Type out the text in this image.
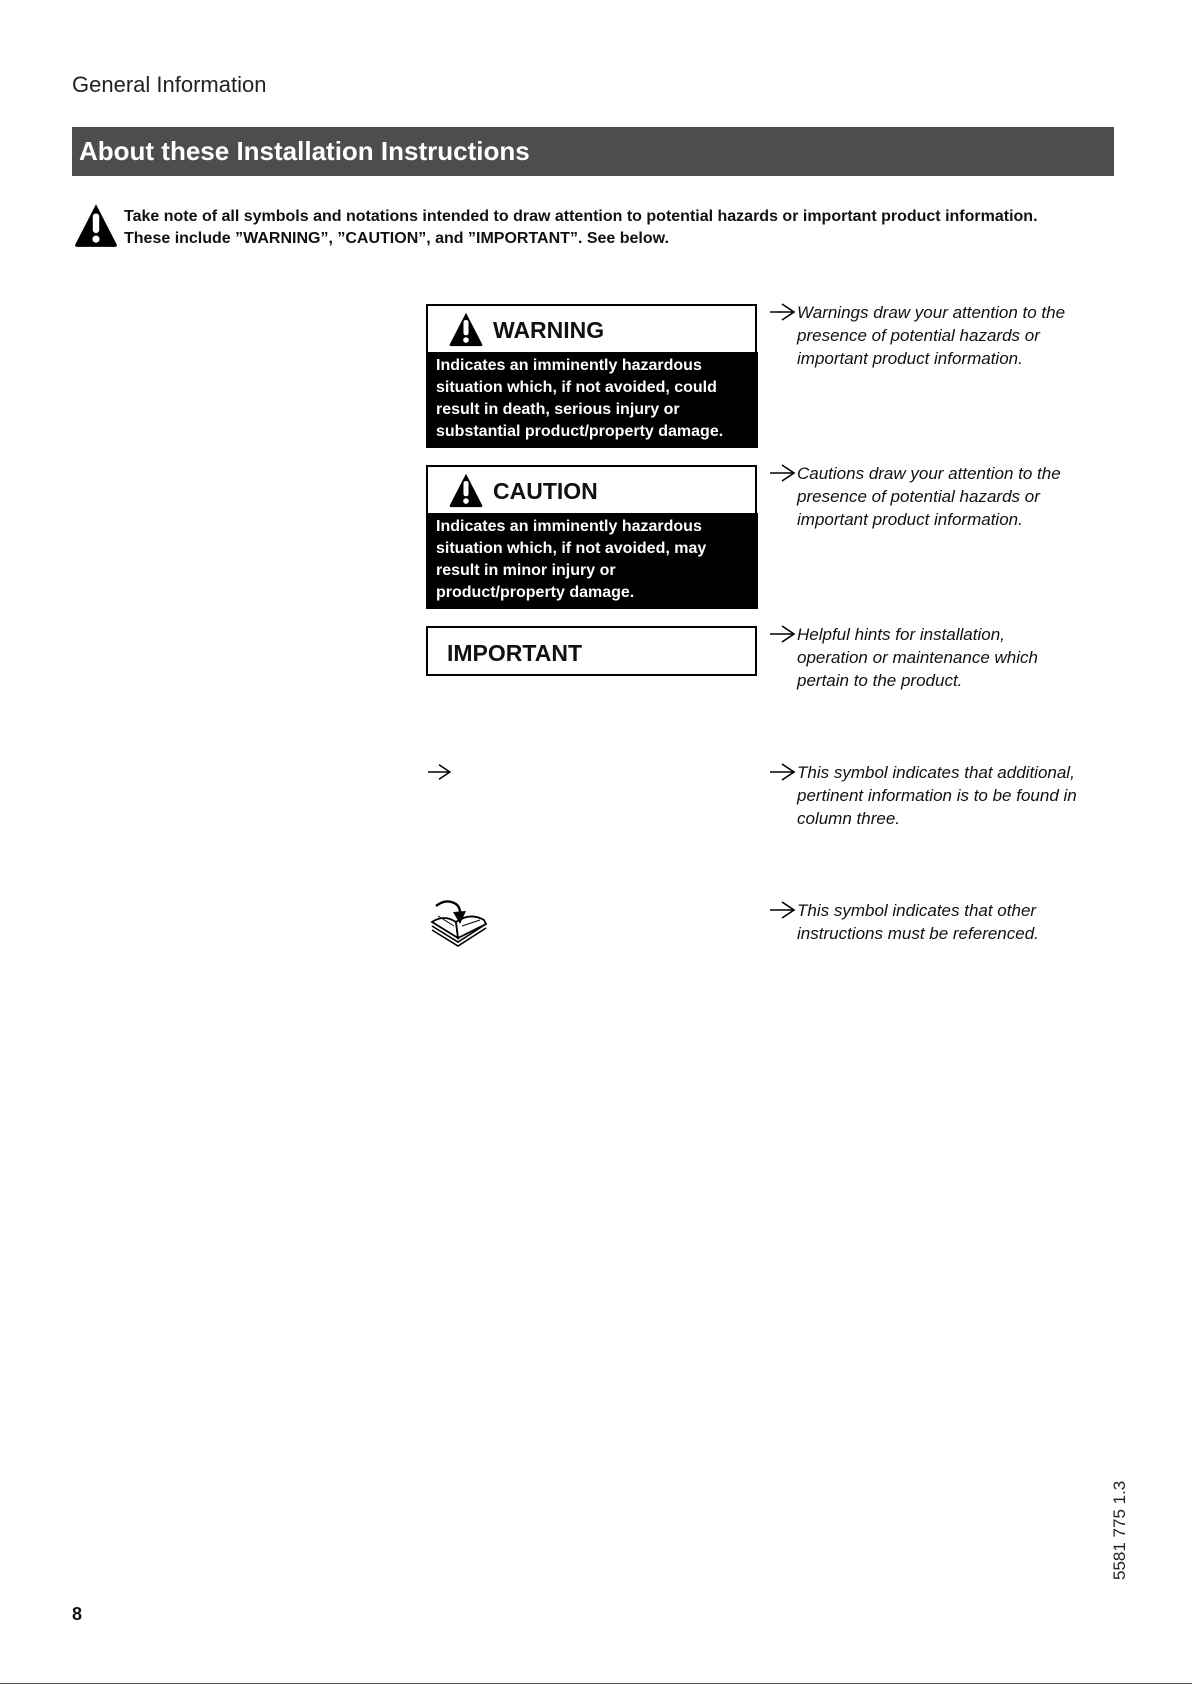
General Information
About these Installation Instructions
Take note of all symbols and notations intended to draw attention to potential hazards or important product information.
These include ”WARNING”, ”CAUTION”, and ”IMPORTANT”. See below.
WARNING
Indicates an imminently hazardous
situation which, if not avoided, could
result in death, serious injury or
substantial product/property damage.
CAUTION
Indicates an imminently hazardous
situation which, if not avoided, may
result in minor injury or
product/property damage.
IMPORTANT
Warnings draw your attention to the
presence of potential hazards or
important product information.
Cautions draw your attention to the
presence of potential hazards or
important product information.
Helpful hints for installation,
operation or maintenance which
pertain to the product.
This symbol indicates that additional,
pertinent information is to be found in
column three.
This symbol indicates that other
instructions must be referenced.
8
5581 775 1.3
